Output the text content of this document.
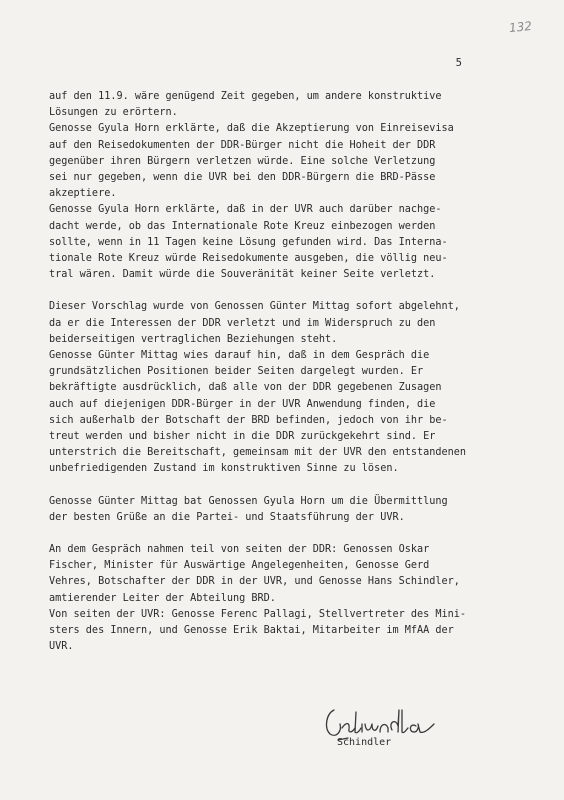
132
5
auf den 11.9. wäre genügend Zeit gegeben, um andere konstruktive
Lösungen zu erörtern.
Genosse Gyula Horn erklärte, daß die Akzeptierung von Einreisevisa
auf den Reisedokumenten der DDR-Bürger nicht die Hoheit der DDR
gegenüber ihren Bürgern verletzen würde. Eine solche Verletzung
sei nur gegeben, wenn die UVR bei den DDR-Bürgern die BRD-Pässe
akzeptiere.
Genosse Gyula Horn erklärte, daß in der UVR auch darüber nachge-
dacht werde, ob das Internationale Rote Kreuz einbezogen werden
sollte, wenn in 11 Tagen keine Lösung gefunden wird. Das Interna-
tionale Rote Kreuz würde Reisedokumente ausgeben, die völlig neu-
tral wären. Damit würde die Souveränität keiner Seite verletzt.
Dieser Vorschlag wurde von Genossen Günter Mittag sofort abgelehnt,
da er die Interessen der DDR verletzt und im Widerspruch zu den
beiderseitigen vertraglichen Beziehungen steht.
Genosse Günter Mittag wies darauf hin, daß in dem Gespräch die
grundsätzlichen Positionen beider Seiten dargelegt wurden. Er
bekräftigte ausdrücklich, daß alle von der DDR gegebenen Zusagen
auch auf diejenigen DDR-Bürger in der UVR Anwendung finden, die
sich außerhalb der Botschaft der BRD befinden, jedoch von ihr be-
treut werden und bisher nicht in die DDR zurückgekehrt sind. Er
unterstrich die Bereitschaft, gemeinsam mit der UVR den entstandenen
unbefriedigenden Zustand im konstruktiven Sinne zu lösen.
Genosse Günter Mittag bat Genossen Gyula Horn um die Übermittlung
der besten Grüße an die Partei- und Staatsführung der UVR.
An dem Gespräch nahmen teil von seiten der DDR: Genossen Oskar
Fischer, Minister für Auswärtige Angelegenheiten, Genosse Gerd
Vehres, Botschafter der DDR in der UVR, und Genosse Hans Schindler,
amtierender Leiter der Abteilung BRD.
Von seiten der UVR: Genosse Ferenc Pallagi, Stellvertreter des Mini-
sters des Innern, und Genosse Erik Baktai, Mitarbeiter im MfAA der
UVR.
Schindler
